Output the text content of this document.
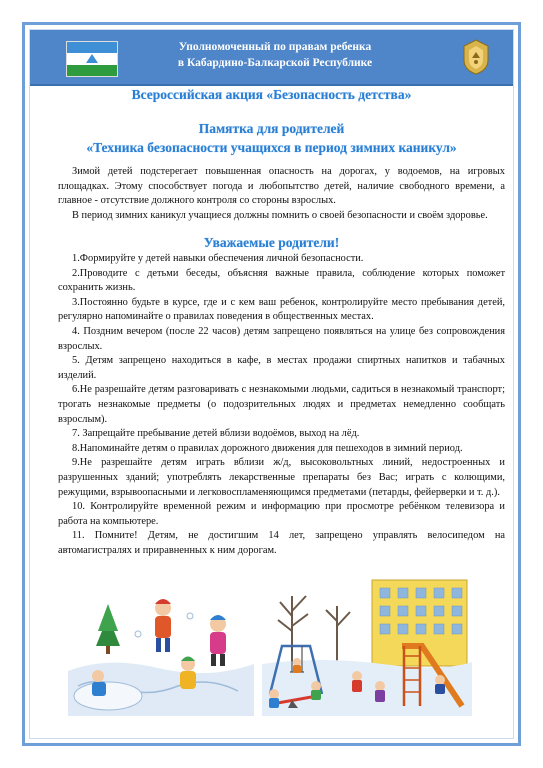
Уполномоченный по правам ребенка
в Кабардино-Балкарской Республике
Всероссийская акция «Безопасность детства»
Памятка для родителей
«Техника безопасности учащихся в период зимних каникул»
Зимой детей подстерегает повышенная опасность на дорогах, у водоемов, на игровых площадках. Этому способствует погода и любопытство детей, наличие свободного времени, а главное - отсутствие должного контроля со стороны взрослых.
В период зимних каникул учащиеся должны помнить о своей безопасности и своём здоровье.
Уважаемые родители!

1.Формируйте у детей навыки обеспечения личной безопасности.

2.Проводите с детьми беседы, объясняя важные правила, соблюдение которых поможет сохранить жизнь.

3.Постоянно будьте в курсе, где и с кем ваш ребенок, контролируйте место пребывания детей, регулярно напоминайте о правилах поведения в общественных местах.

4. Поздним вечером (после 22 часов) детям запрещено появляться на улице без сопровождения взрослых.

5. Детям запрещено находиться в кафе, в местах продажи спиртных напитков и табачных изделий.

6.Не разрешайте детям разговаривать с незнакомыми людьми, садиться в незнакомый транспорт; трогать незнакомые предметы (о подозрительных людях и предметах немедленно сообщать взрослым).

7. Запрещайте пребывание детей вблизи водоёмов, выход на лёд.

8.Напоминайте детям о правилах дорожного движения для пешеходов в зимний период.

9.Не разрешайте детям играть вблизи ж/д, высоковольтных линий, недостроенных и разрушенных зданий; употреблять лекарственные препараты без Вас; играть с колющими, режущими, взрывоопасными и легковоспламеняющимся предметами (петарды, фейерверки и т. д.).

10. Контролируйте временной режим и информацию при просмотре ребёнком телевизора и работа на компьютере.

11. Помните! Детям, не достигшим 14 лет, запрещено управлять велосипедом на автомагистралях и приравненных к ним дорогам.
